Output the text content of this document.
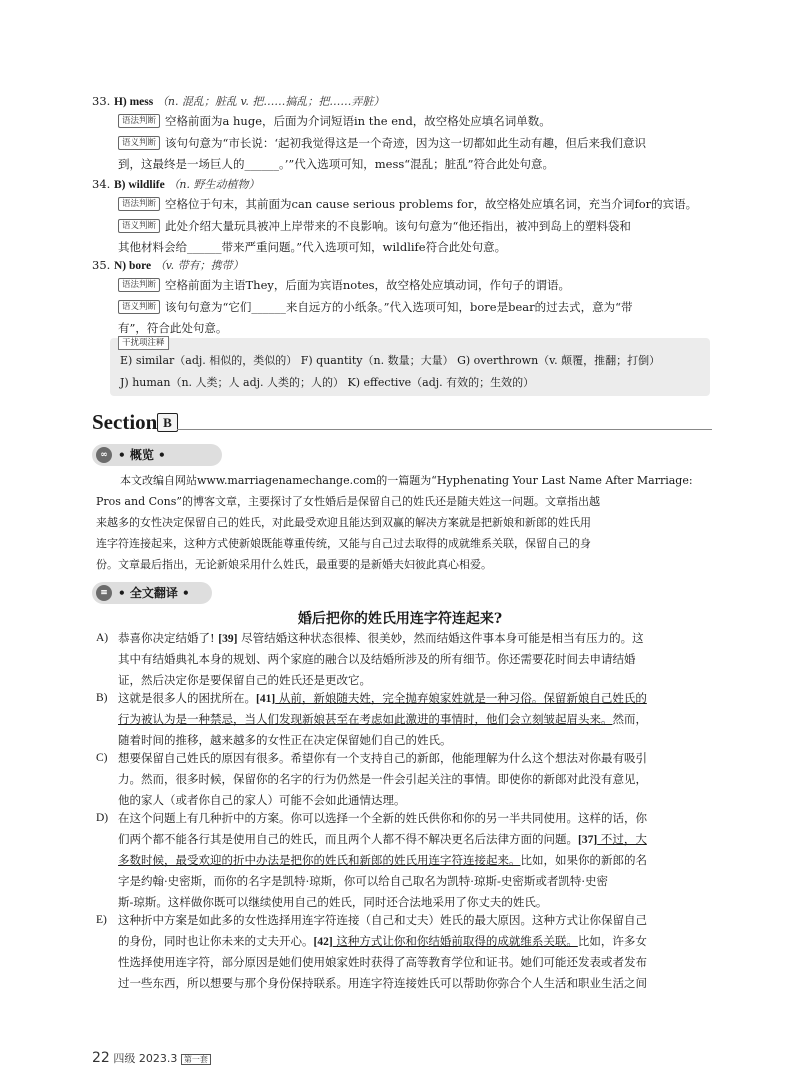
33. H) mess （n. 混乱；脏乱 v. 把……搞乱；把……弄脏）
语法判断 空格前面为a huge，后面为介词短语in the end，故空格处应填名词单数。
语义判断 该句句意为“市长说：‘起初我觉得这是一个奇迹，因为这一切都如此生动有趣，但后来我们意识
到，这最终是一场巨人的______。’”代入选项可知，mess“混乱；脏乱”符合此处句意。
34. B) wildlife （n. 野生动植物）
语法判断 空格位于句末，其前面为can cause serious problems for，故空格处应填名词，充当介词for的宾语。
语义判断 此处介绍大量玩具被冲上岸带来的不良影响。该句句意为“他还指出，被冲到岛上的塑料袋和
其他材料会给______带来严重问题。”代入选项可知，wildlife符合此处句意。
35. N) bore （v. 带有；携带）
语法判断 空格前面为主语They，后面为宾语notes，故空格处应填动词，作句子的谓语。
语义判断 该句句意为“它们______来自远方的小纸条。”代入选项可知，bore是bear的过去式，意为“带
有”，符合此处句意。
干扰项注释
E) similar（adj. 相似的，类似的） F) quantity（n. 数量；大量） G) overthrown（v. 颠覆，推翻；打倒）
J) human（n. 人类；人 adj. 人类的；人的） K) effective（adj. 有效的；生效的）
Section B
∞ • 概览 •

本文改编自网站www.marriagenamechange.com的一篇题为“Hyphenating Your Last Name After Marriage:

Pros and Cons”的博客文章，主要探讨了女性婚后是保留自己的姓氏还是随夫姓这一问题。文章指出越

来越多的女性决定保留自己的姓氏，对此最受欢迎且能达到双赢的解决方案就是把新娘和新郎的姓氏用

连字符连接起来，这种方式使新娘既能尊重传统，又能与自己过去取得的成就维系关联，保留自己的身

份。文章最后指出，无论新娘采用什么姓氏，最重要的是新婚夫妇彼此真心相爱。

≡ • 全文翻译 •
婚后把你的姓氏用连字符连起来?
A) 恭喜你决定结婚了! [39] 尽管结婚这种状态很棒、很美妙，然而结婚这件事本身可能是相当有压力的。这
其中有结婚典礼本身的规划、两个家庭的融合以及结婚所涉及的所有细节。你还需要花时间去申请结婚
证，然后决定你是要保留自己的姓氏还是更改它。
B) 这就是很多人的困扰所在。[41] 从前，新娘随夫姓，完全抛弃娘家姓就是一种习俗。保留新娘自己姓氏的
行为被认为是一种禁忌，当人们发现新娘甚至在考虑如此激进的事情时，他们会立刻皱起眉头来。然而，
随着时间的推移，越来越多的女性正在决定保留她们自己的姓氏。
C) 想要保留自己姓氏的原因有很多。希望你有一个支持自己的新郎，他能理解为什么这个想法对你最有吸引
力。然而，很多时候，保留你的名字的行为仍然是一件会引起关注的事情。即使你的新郎对此没有意见，
他的家人（或者你自己的家人）可能不会如此通情达理。
D) 在这个问题上有几种折中的方案。你可以选择一个全新的姓氏供你和你的另一半共同使用。这样的话，你
们两个都不能各行其是使用自己的姓氏，而且两个人都不得不解决更名后法律方面的问题。[37] 不过，大
多数时候，最受欢迎的折中办法是把你的姓氏和新郎的姓氏用连字符连接起来。比如，如果你的新郎的名
字是约翰·史密斯，而你的名字是凯特·琼斯，你可以给自己取名为凯特·琼斯-史密斯或者凯特·史密
斯-琼斯。这样做你既可以继续使用自己的姓氏，同时还合法地采用了你丈夫的姓氏。
E) 这种折中方案是如此多的女性选择用连字符连接（自己和丈夫）姓氏的最大原因。这种方式让你保留自己
的身份，同时也让你未来的丈夫开心。[42] 这种方式让你和你结婚前取得的成就维系关联。比如，许多女
性选择使用连字符，部分原因是她们使用娘家姓时获得了高等教育学位和证书。她们可能还发表或者发布
过一些东西，所以想要与那个身份保持联系。用连字符连接姓氏可以帮助你弥合个人生活和职业生活之间
22 四级 2023.3 第一套
